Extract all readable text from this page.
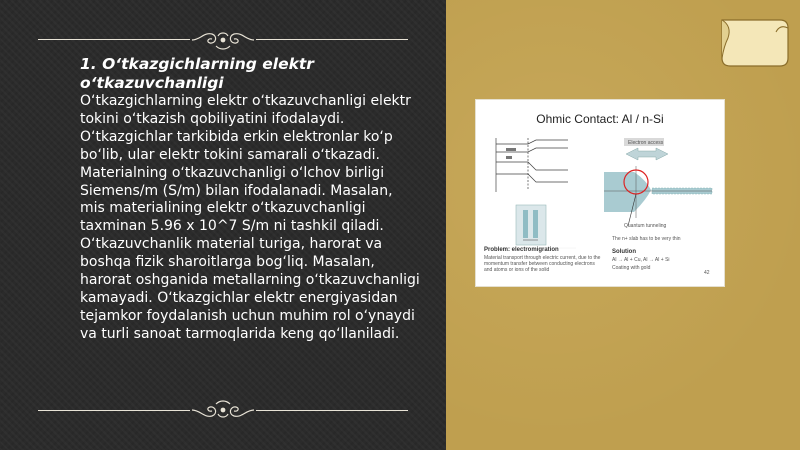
1. O‘tkazgichlarning elektr o‘tkazuvchanligi
O‘tkazgichlarning elektr o‘tkazuvchanligi elektr tokini o‘tkazish qobiliyatini ifodalaydi. O‘tkazgichlar tarkibida erkin elektronlar ko‘p bo‘lib, ular elektr tokini samarali o‘tkazadi. Materialning o‘tkazuvchanligi o‘lchov birligi Siemens/m (S/m) bilan ifodalanadi. Masalan, mis materialining elektr o‘tkazuvchanligi taxminan 5.96 x 10^7 S/m ni tashkil qiladi. O‘tkazuvchanlik material turiga, harorat va boshqa fizik sharoitlarga bog‘liq. Masalan, harorat oshganida metallarning o‘tkazuvchanligi kamayadi. O‘tkazgichlar elektr energiyasidan tejamkor foydalanish uchun muhim rol o‘ynaydi va turli sanoat tarmoqlarida keng qo‘llaniladi.
Ohmic Contact: Al / n-Si
Electron access
Quantum tunneling
The n+ slab has to be very thin
Problem: electromigration
Material transport through electric current, due to the momentum transfer between conducting electrons and atoms or ions of the solid
Solution
Al → Al + Cu, Al → Al + Si
Coating with gold
42
